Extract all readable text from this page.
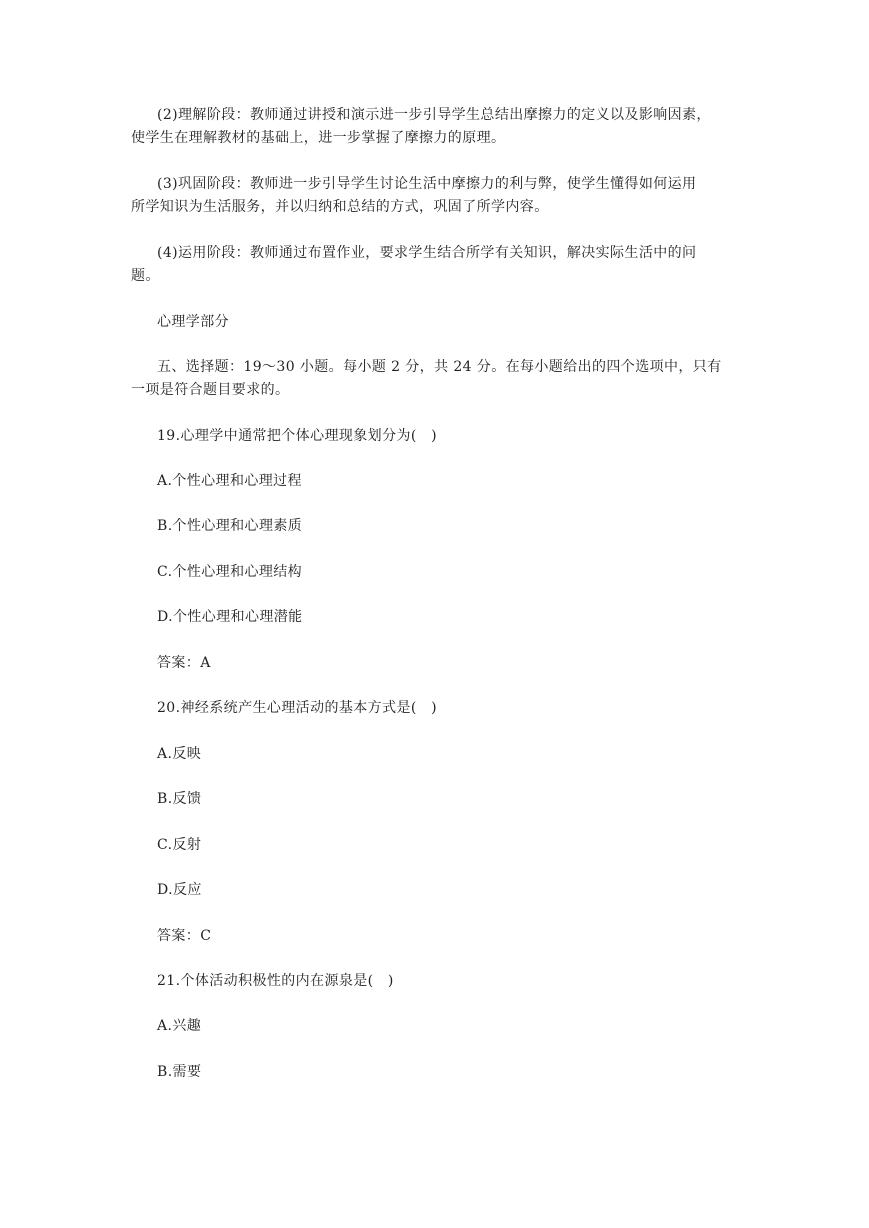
(2)理解阶段：教师通过讲授和演示进一步引导学生总结出摩擦力的定义以及影响因素，
使学生在理解教材的基础上，进一步掌握了摩擦力的原理。
(3)巩固阶段：教师进一步引导学生讨论生活中摩擦力的利与弊，使学生懂得如何运用
所学知识为生活服务，并以归纳和总结的方式，巩固了所学内容。
(4)运用阶段：教师通过布置作业，要求学生结合所学有关知识，解决实际生活中的问
题。
心理学部分
五、选择题：19～30 小题。每小题 2 分，共 24 分。在每小题给出的四个选项中，只有
一项是符合题目要求的。
19.心理学中通常把个体心理现象划分为(　)
A.个性心理和心理过程
B.个性心理和心理素质
C.个性心理和心理结构
D.个性心理和心理潜能
答案：A
20.神经系统产生心理活动的基本方式是(　)
A.反映
B.反馈
C.反射
D.反应
答案：C
21.个体活动积极性的内在源泉是(　)
A.兴趣
B.需要
